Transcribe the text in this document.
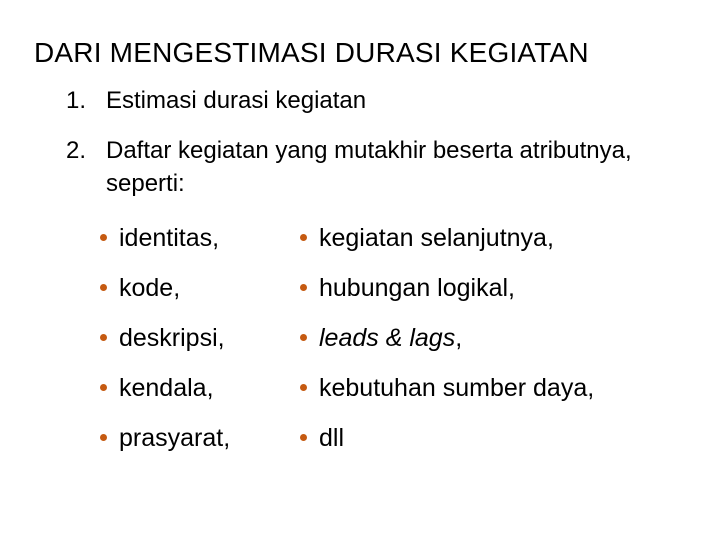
DARI MENGESTIMASI DURASI KEGIATAN
1. Estimasi durasi kegiatan
2. Daftar kegiatan yang mutakhir beserta atributnya, seperti:
identitas,
kode,
deskripsi,
kendala,
prasyarat,
kegiatan selanjutnya,
hubungan logikal,
leads & lags,
kebutuhan sumber daya,
dll
